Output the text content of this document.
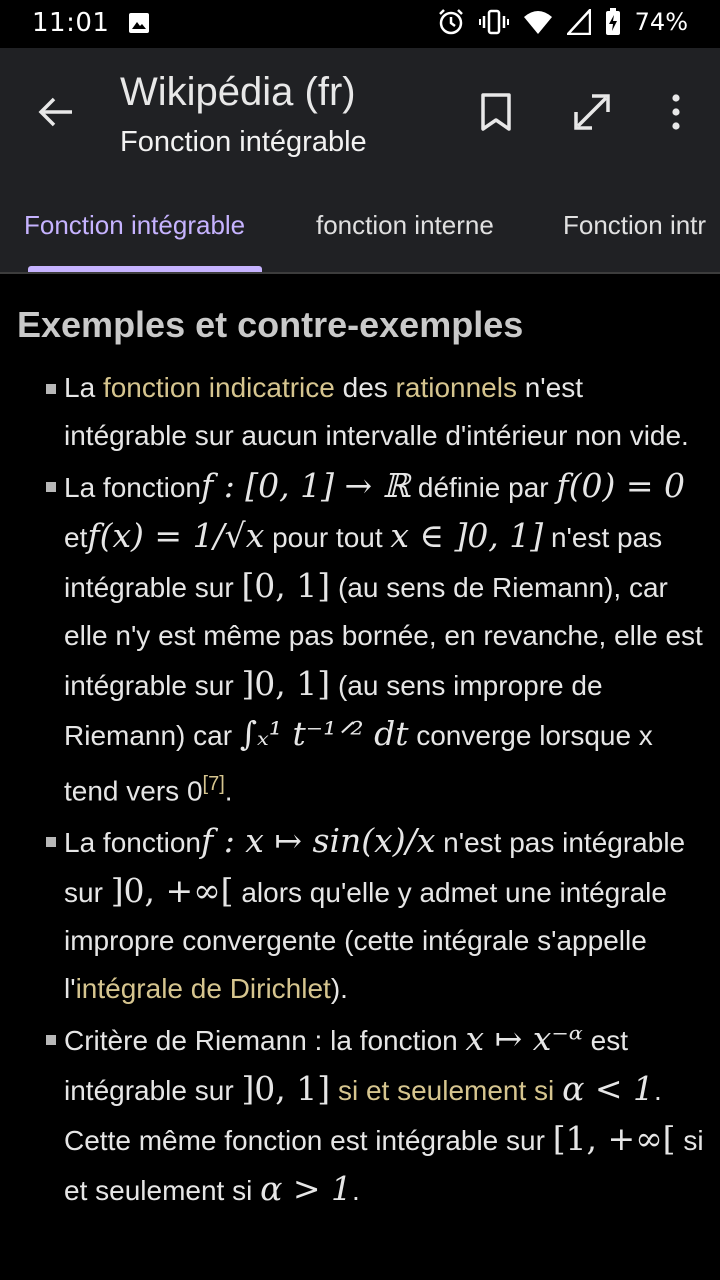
11:01	74%
Wikipédia (fr)
Fonction intégrable
Fonction intégrable	fonction interne	Fonction intr
Exemples et contre-exemples
La fonction indicatrice des rationnels n'est intégrable sur aucun intervalle d'intérieur non vide.
La fonctionf : [0, 1] → ℝ définie par f(0) = 0 etf(x) = 1/√x pour tout x ∈ ]0, 1] n'est pas intégrable sur [0, 1] (au sens de Riemann), car elle n'y est même pas bornée, en revanche, elle est intégrable sur ]0, 1] (au sens impropre de Riemann) car ∫ₓ¹ t⁻¹ᐟ² dt converge lorsque x tend vers 0[7].
La fonctionf : x ↦ sin(x)/x n'est pas intégrable sur ]0, +∞[ alors qu'elle y admet une intégrale impropre convergente (cette intégrale s'appelle l'intégrale de Dirichlet).
Critère de Riemann : la fonction x ↦ x⁻ᵅ est intégrable sur ]0, 1] si et seulement si α < 1. Cette même fonction est intégrable sur [1, +∞[ si et seulement si α > 1.
